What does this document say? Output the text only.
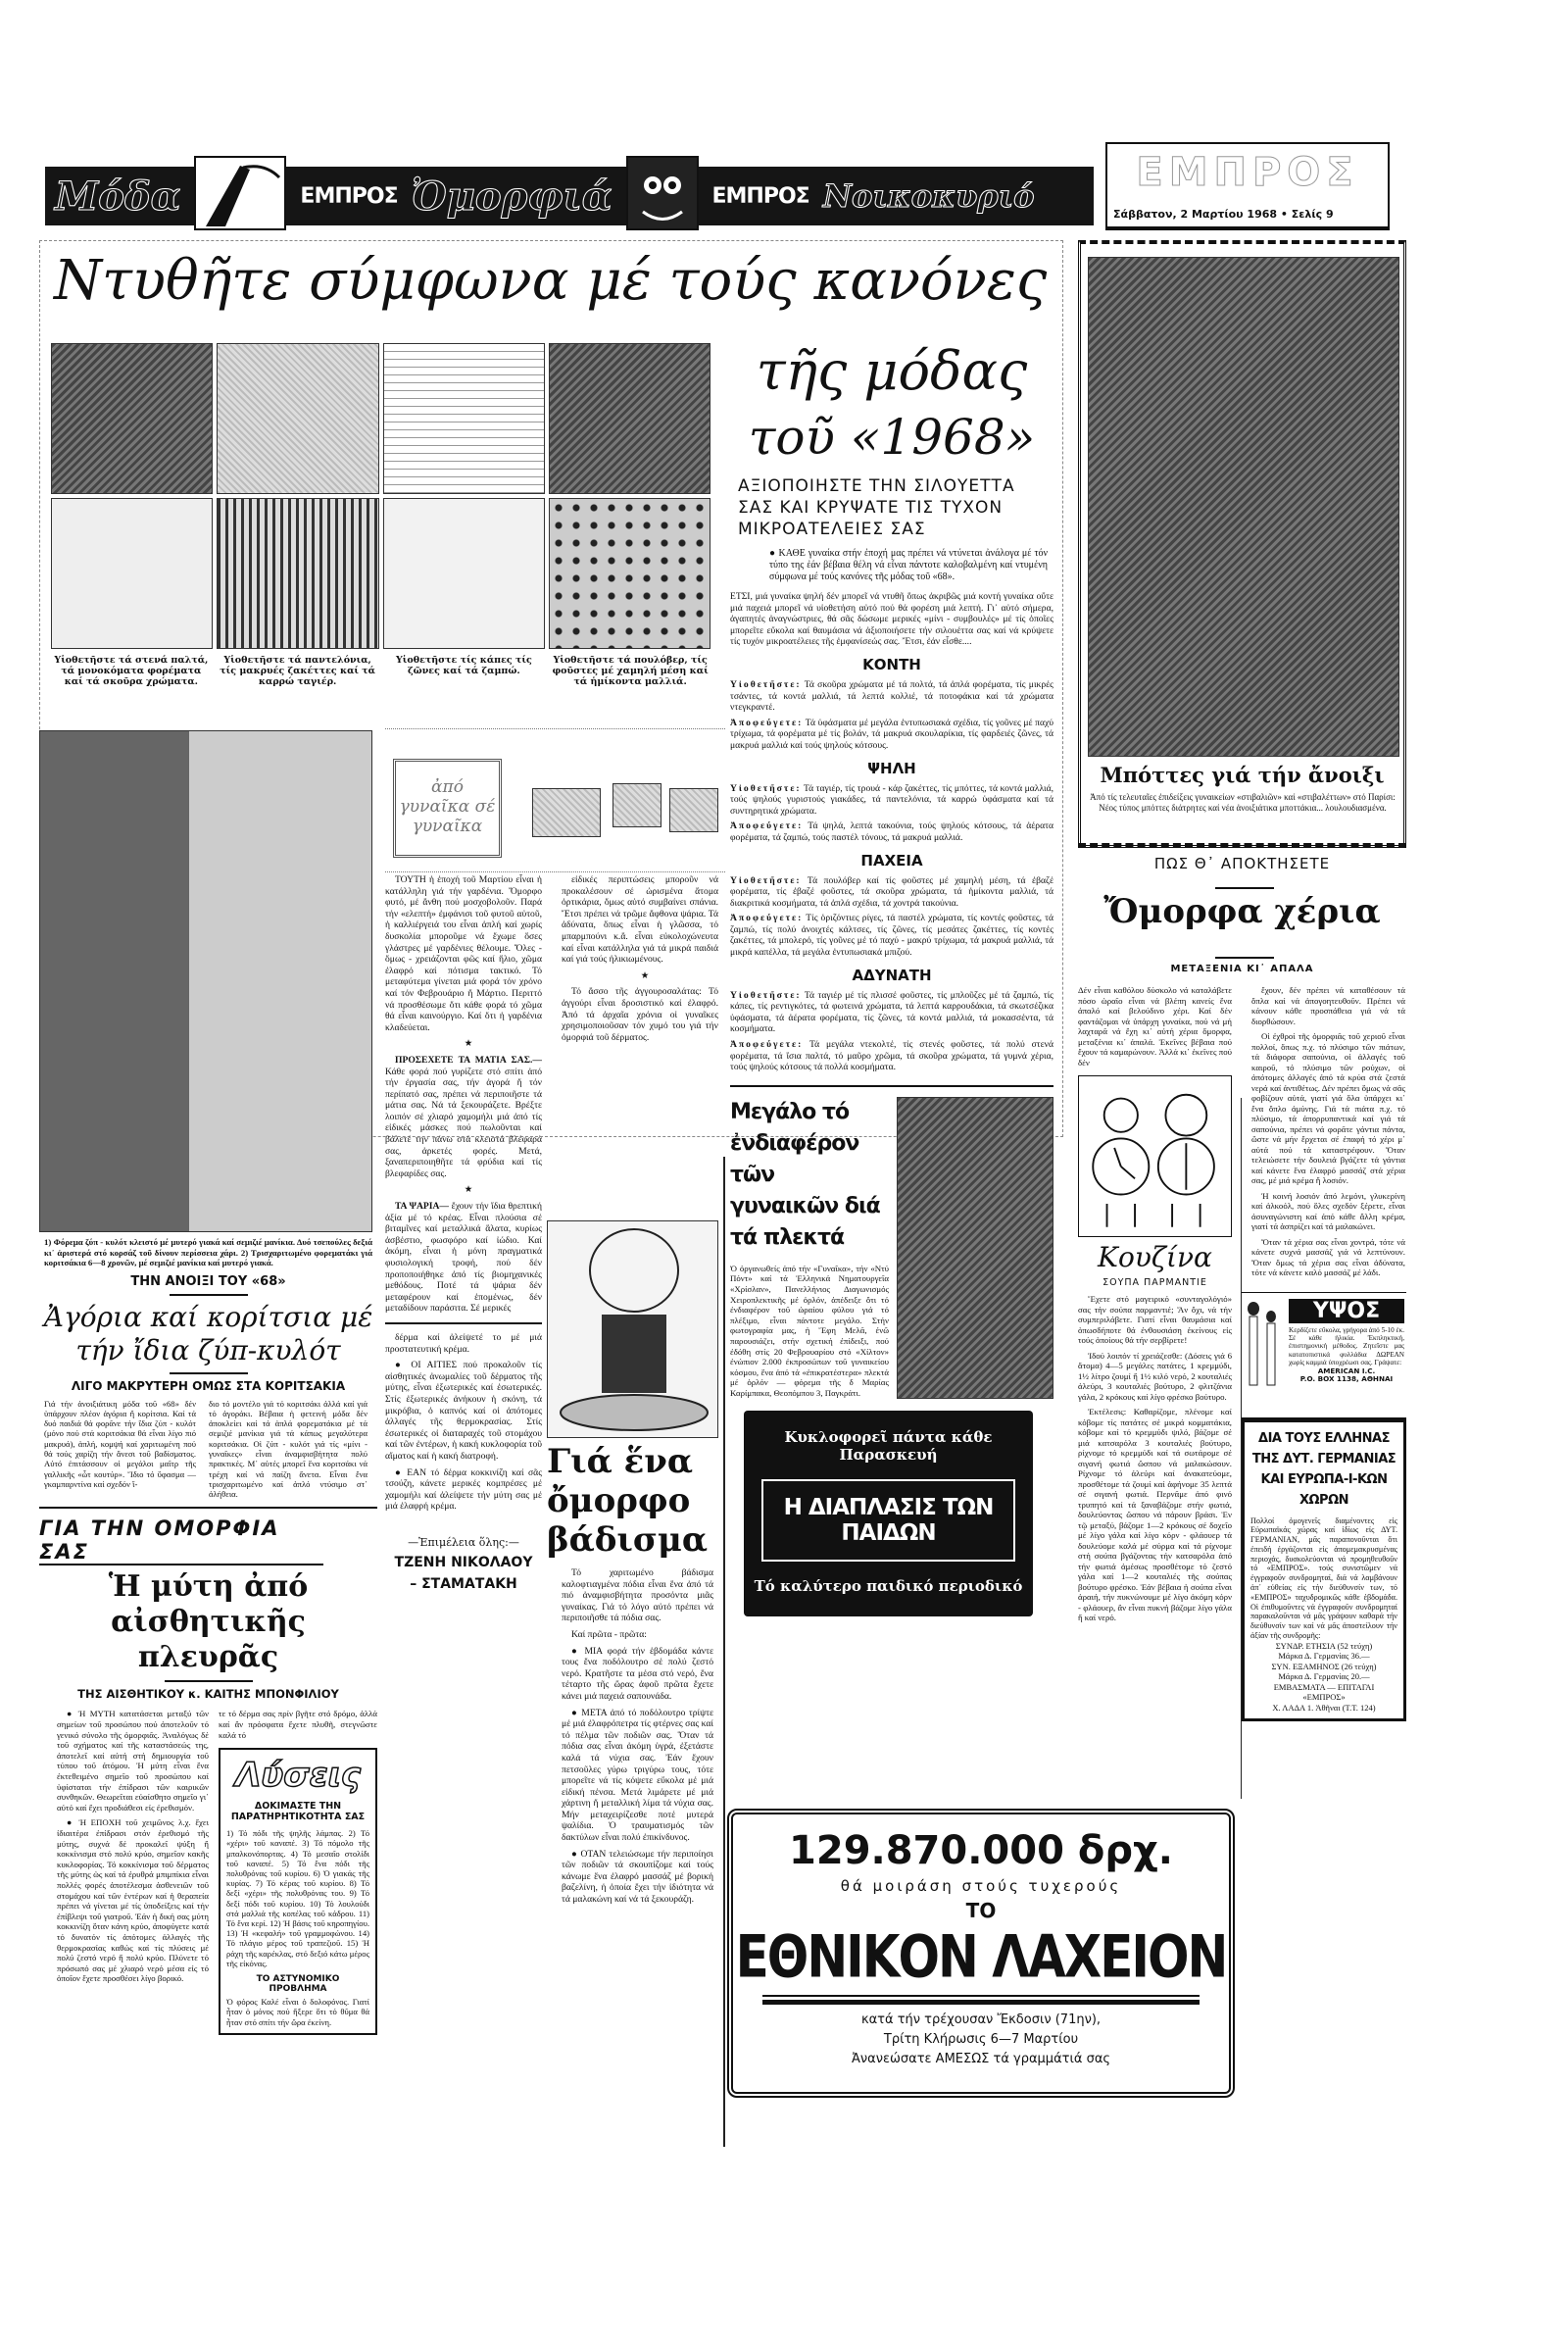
Μόδα	ΕΜΠΡΟΣ Ὀμορφιά	ΕΜΠΡΟΣ Νοικοκυριό
ΕΜΠΡΟΣ
Σάββατον, 2 Μαρτίου 1968 • Σελίς 9
Ντυθῆτε σύμφωνα μέ τούς κανόνες
Υἱοθετῆστε τά στενά παλτά, τά μονοκόματα φορέματα καί τά σκοῦρα χρώματα.
Υἱοθετῆστε τά παντελόνια, τίς μακρυές ζακέττες καί τά καρρώ ταγιέρ.
Υἱοθετῆστε τίς κάπες τίς ζῶνες καί τά ζαμπώ.
Υἱοθετῆστε τά πουλόβερ, τίς φοῦστες μέ χαμηλή μέση καί τά ἡμίκοντα μαλλιά.
τῆς μόδας
τοῦ «1968»
ΑΞΙΟΠΟΙΗΣΤΕ ΤΗΝ ΣΙΛΟΥΕΤΤΑ ΣΑΣ ΚΑΙ ΚΡΥΨΑΤΕ ΤΙΣ ΤΥΧΟΝ ΜΙΚΡΟΑΤΕΛΕΙΕΣ ΣΑΣ
● ΚΑΘΕ γυναίκα στήν ἐποχή μας πρέπει νά ντύνεται ἀνάλογα μέ τόν τύπο της ἐάν βέβαια θέλη νά εἶναι πάντοτε καλοβαλμένη καί ντυμένη σύμφωνα μέ τούς κανόνες τῆς μόδας τοῦ «68».
ΕΤΣΙ, μιά γυναίκα ψηλή δέν μπορεῖ νά ντυθῆ ὅπως ἀκριβῶς μιά κοντή γυναίκα οὔτε μιά παχειά μπορεῖ νά υἱοθετήση αὐτό πού θά φορέση μιά λεπτή. Γι᾿ αὐτό σήμερα, ἀγαπητές ἀναγνώστριες, θά σᾶς δώσωμε μερικές «μίνι - συμβουλές» μέ τίς ὁποῖες μπορεῖτε εὔκολα καί θαυμάσια νά ἀξιοποιήσετε τήν σιλουέττα σας καί νά κρύψετε τίς τυχόν μικροατέλειες τῆς ἐμφανίσεώς σας. Ἔτσι, ἐάν εἶσθε....
ΚΟΝΤΗ
Υἱοθετῆστε: Τά σκοῦρα χρώματα μέ τά πολτά, τά ἁπλά φορέματα, τίς μικρές τσάντες, τά κοντά μαλλιά, τά λεπτά κολλιέ, τά ποτοφάκια καί τά χρώματα ντεγκραντέ.
Ἀποφεύγετε: Τά ὑφάσματα μέ μεγάλα ἐντυπωσιακά σχέδια, τίς γοῦνες μέ παχύ τρίχωμα, τά φορέματα μέ τίς βολάν, τά μακρυά σκουλαρίκια, τίς φαρδειές ζῶνες, τά μακρυά μαλλιά καί τούς ψηλούς κότσους.
ΨΗΛΗ
Υἱοθετῆστε: Τά ταγιέρ, τίς τρουά - κάρ ζακέττες, τίς μπόττες, τά κοντά μαλλιά, τούς ψηλούς γυριστούς γιακάδες, τά παντελόνια, τά καρρώ ὑφάσματα καί τά συντηρητικά χρώματα.
Ἀποφεύγετε: Τά ψηλά, λεπτά τακούνια, τούς ψηλούς κότσους, τά ἀέρατα φορέματα, τά ζαμπώ, τούς παστέλ τόνους, τά μακρυά μαλλιά.
ΠΑΧΕΙΑ
Υἱοθετῆστε: Τά πουλόβερ καί τίς φοῦστες μέ χαμηλή μέση, τά ἐβαζέ φορέματα, τίς ἐβαζέ φοῦστες, τά σκοῦρα χρώματα, τά ἡμίκοντα μαλλιά, τά διακριτικά κοσμήματα, τά ἁπλά σχέδια, τά χοντρά τακούνια.
Ἀποφεύγετε: Τίς ὁριζόντιες ρίγες, τά παστέλ χρώματα, τίς κοντές φοῦστες, τά ζαμπώ, τίς πολύ ἀνοιχτές κάλτσες, τίς ζῶνες, τίς μεσάτες ζακέττες, τίς κοντές ζακέττες, τά μπολερό, τίς γοῦνες μέ τό παχύ - μακρύ τρίχωμα, τά μακρυά μαλλιά, τά μικρά καπέλλα, τά μεγάλα ἐντυπωσιακά μπιζού.
ΑΔΥΝΑΤΗ
Υἱοθετῆστε: Τά ταγιέρ μέ τίς πλισσέ φοῦστες, τίς μπλοῦζες μέ τά ζαμπώ, τίς κάπες, τίς ρεντιγκότες, τά φωτεινά χρώματα, τά λεπτά καρρουδάκια, τά σκωτσέζικα ὑφάσματα, τά ἀέρατα φορέματα, τίς ζῶνες, τά κοντά μαλλιά, τά μοκασσέντα, τά κοσμήματα.
Ἀποφεύγετε: Τά μεγάλα ντεκολτέ, τίς στενές φοῦστες, τά πολύ στενά φορέματα, τά ἴσια παλτά, τό μαῦρο χρῶμα, τά σκοῦρα χρώματα, τά γυμνά χέρια, τούς ψηλούς κότσους τά πολλά κοσμήματα.
Μεγάλο τό ἐνδιαφέρον τῶν γυναικῶν διά τά πλεκτά
Ὁ ὀργανωθείς ἀπό τήν «Γυναῖκα», τήν «Ντύ Πόντ» καί τά Ἑλληνικά Νηματουργεῖα «Χρίσλαν», Πανελλήνιος Διαγωνισμός Χειροπλεκτικῆς μέ ὀρλόν, ἀπέδειξε ὅτι τό ἐνδιαφέρον τοῦ ὡραίου φύλου γιά τό πλέξιμο, εἶναι πάντοτε μεγάλο. Στήν φωτογραφία μας, ἡ Ἔφη Μελᾶ, ἐνῶ παρουσιάζει, στήν σχετική ἐπίδειξι, πού ἐδόθη στίς 20 Φεβρουαρίου στό «Χίλτον» ἐνώπιον 2.000 ἐκπροσώπων τοῦ γυναικείου κόσμου, ἕνα ἀπό τά «ἐπικρατέστερα» πλεκτά μέ ὀρλόν — φόρεμα τῆς δ Μαρίας Καρίμπακα, Θεοπόμπου 3, Παγκράτι.
Κυκλοφορεῖ πάντα κάθε Παρασκευή
Η ΔΙΑΠΛΑΣΙΣ ΤΩΝ ΠΑΙΔΩΝ
Τό καλύτερο παιδικό περιοδικό
Μπόττες γιά τήν ἄνοιξι
Ἀπό τίς τελευταῖες ἐπιδείξεις γυναικείων «στιβαλιῶν» καί «στιβαλέττων» στό Παρίσι: Νέος τύπος μπόττες διάτρητες καί νέα ἀνοιξιάτικα μποττάκια... λουλουδιασμένα.
1) Φόρεμα ζύπ - κυλότ κλειστό μέ μυτερό γιακά καί σεμιζιέ μανίκια. Δυό τσεπούλες δεξιά κι᾿ ἀριστερά στό κορσάζ τοῦ δίνουν περίσσεια χάρι. 2) Τρισχαριτωμένο φορεματάκι γιά κοριτσάκια 6—8 χρονῶν, μέ σεμιζιέ μανίκια καί μυτερό γιακά.
ΤΗΝ ΑΝΟΙΞΙ ΤΟΥ «68»
Ἀγόρια καί κορίτσια μέ τήν ἴδια ζύπ-κυλότ
ΛΙΓΟ ΜΑΚΡΥΤΕΡΗ ΟΜΩΣ ΣΤΑ ΚΟΡΙΤΣΑΚΙΑ
Γιά τήν ἀνοιξιάτικη μόδα τοῦ «68» δέν ὑπάρχουν πλέον ἀγόρια ἤ κορίτσια. Καί τά δυό παιδιά θά φορᾶνε τήν ἴδια ζύπ - κυλότ (μόνο πού στά κοριτσάκια θά εἶναι λίγο πιό μακρυά), ἁπλή, κομψή καί χαριτωμένη πού θά τούς χαρίζη τήν ἄνεσι τοῦ βαδίσματος. Αὐτό ἐπιτάσσουν οἱ μεγάλοι μαῖτρ τῆς γαλλικῆς «ὧτ κουτύρ». Ἴδιο τό ὕφασμα — γκαμπαρντίνα καί σχεδόν ἴ-
διο τό μοντέλο γιά τό κοριτσάκι ἀλλά καί γιά τό ἀγοράκι. Βέβαια ἡ φετεινή μόδα δέν ἀποκλείει καί τά ἁπλά φορεματάκια μέ τά σεμιζιέ μανίκια γιά τά κάπως μεγαλύτερα κοριτσάκια. Οἱ ζύπ - κυλότ γιά τίς «μίνι - γυναῖκες» εἶναι ἀναμφισβήτητα πολύ πρακτικές. Μ᾿ αὐτές μπορεῖ ἕνα κοριτσάκι νά τρέχη καί νά παίζη ἄνετα. Εἶναι ἕνα τρισχαριτωμένο καί ἁπλό ντύσιμο στ᾿ ἀλήθεια.
ΓΙΑ ΤΗΝ ΟΜΟΡΦΙΑ ΣΑΣ
Ἡ μύτη ἀπό αἰσθητικῆς πλευρᾶς
ΤΗΣ ΑΙΣΘΗΤΙΚΟΥ κ. ΚΑΙΤΗΣ ΜΠΟΝΦΙΛΙΟΥ

● Ἡ ΜΥΤΗ κατατάσεται μεταξύ τῶν σημείων τοῦ προσώπου πού ἀποτελοῦν τό γενικό σύνολο τῆς ὀμορφιᾶς. Ἀναλόγως δέ τοῦ σχήματος καί τῆς καταστάσεώς της, ἀποτελεῖ καί αὐτή στή δημιουργία τοῦ τύπου τοῦ ἀτόμου. Ἡ μύτη εἶναι ἕνα ἐκτεθειμένο σημεῖο τοῦ προσώπου καί ὑφίσταται τήν ἐπίδρασι τῶν καιρικῶν συνθηκῶν. Θεωρεῖται εὐαίσθητο σημεῖο γι᾿ αὐτό καί ἔχει προδιάθεσι εἰς ἐρεθισμόν.

● Ἡ ΕΠΟΧΗ τοῦ χειμῶνος λ.χ. ἔχει ἰδιαιτέρα ἐπίδρασι στόν ἐρεθισμό τῆς μύτης, συχνά δέ προκαλεῖ ψύξη ἤ κοκκίνισμα στό πολύ κρύο, σημεῖον κακῆς κυκλοφορίας. Τό κοκκίνισμα τοῦ δέρματος τῆς μύτης ὡς καί τά ἐρυθρά μπιμπίκια εἶναι πολλές φορές ἀποτέλεσμα ἀσθενειῶν τοῦ στομάχου καί τῶν ἐντέρων καί ἡ θεραπεία πρέπει νά γίνεται μέ τίς ὑποδείξεις καί τήν ἐπίβλεψι τοῦ γιατροῦ. Ἐάν ἡ δική σας μύτη κοκκινίζη ὅταν κάνη κρύο, ἀποφύγετε κατά τό δυνατόν τίς ἀπότομες ἀλλαγές τῆς θερμοκρασίας καθώς καί τίς πλύσεις μέ πολύ ζεστό νερό ἤ πολύ κρύο. Πλύνετε τό πρόσωπό σας μέ χλιαρό νερό μέσα εἰς τό ὁποῖον ἔχετε προσθέσει λίγο βορικό.

τε τό δέρμα σας πρίν βγῆτε στό δρόμο, ἀλλά καί ἄν πρόσφατα ἔχετε πλυθῆ, στεγνῶστε καλά τό
Λύσεις
ΔΟΚΙΜΑΣΤΕ ΤΗΝ ΠΑΡΑΤΗΡΗΤΙΚΟΤΗΤΑ ΣΑΣ
1) Τό πόδι τῆς ψηλῆς λάμπας. 2) Τό «χέρι» τοῦ καναπέ. 3) Τό πόμολο τῆς μπαλκονόπορτας. 4) Τό μεσαῖο στολίδι τοῦ καναπέ. 5) Τό ἕνα πόδι τῆς πολυθρόνας τοῦ κυρίου. 6) Ὁ γιακάς τῆς κυρίας. 7) Τό κέρας τοῦ κυρίου. 8) Τό δεξί «χέρι» τῆς πολυθρόνας του. 9) Τό δεξί πόδι τοῦ κυρίου. 10) Τό λουλούδι στά μαλλιά τῆς κοπέλας τοῦ κάδρου. 11) Τό ἕνα κερί. 12) Ἡ βάσις τοῦ κηροπηγίου. 13) Ἡ «κεφαλή» τοῦ γραμμοφώνου. 14) Τό πλάγιο μέρος τοῦ τραπεζιοῦ. 15) Ἡ ράχη τῆς καρέκλας, στό δεξιό κάτω μέρος τῆς εἰκόνας.
ΤΟ ΑΣΤΥΝΟΜΙΚΟ ΠΡΟΒΛΗΜΑ
Ὁ φόρος Καλέ εἶναι ὁ δολοφόνος. Γιατί ἦταν ὁ μόνος πού ἤξερε ὅτι τό θῦμα θά ἦταν στό σπίτι τήν ὥρα ἐκείνη.
ἀπό γυναῖκα σέ γυναῖκα

ΤΟΥΤΗ ἡ ἐποχή τοῦ Μαρτίου εἶναι ἡ κατάλληλη γιά τήν γαρδένια. Ὄμορφο φυτό, μέ ἄνθη πού μοσχοβολοῦν. Παρά τήν «ελεπτή» ἐμφάνισι τοῦ φυτοῦ αὐτοῦ, ἡ καλλιέργειά του εἶναι ἁπλή καί χωρίς δυσκολία μποροῦμε νά ἔχωμε ὅσες γλάστρες μέ γαρδένιες θέλουμε. Ὅλες - ὅμως - χρειάζονται φῶς καί ἥλιο, χῶμα ἐλαφρό καί πότισμα τακτικό. Τό μεταφύτεμα γίνεται μιά φορά τόν χρόνο καί τόν Φεβρουάριο ἤ Μάρτιο. Περιττό νά προσθέσωμε ὅτι κάθε φορά τό χῶμα θά εἶναι καινούργιο. Καί ὅτι ἡ γαρδένια κλαδεύεται.

★

ΠΡΟΣΕΧΕΤΕ ΤΑ ΜΑΤΙΑ ΣΑΣ.— Κάθε φορά πού γυρίζετε στό σπίτι ἀπό τήν ἐργασία σας, τήν ἀγορά ἤ τόν περίπατό σας, πρέπει νά περιποιῆστε τά μάτια σας. Νά τά ξεκουράζετε. Βρέξτε λοιπόν σέ χλιαρό χαμομήλι μιά ἀπό τίς εἰδικές μάσκες πού πωλοῦνται καί βάλετέ την πάνω στά κλειστά βλέφαρά σας, ἀρκετές φορές. Μετά, ξαναπεριποιηθῆτε τά φρύδια καί τίς βλεφαρίδες σας.

★

ΤΑ ΨΑΡΙΑ— ἔχουν τήν ἴδια θρεπτική ἀξία μέ τό κρέας. Εἶναι πλούσια σέ βιταμῖνες καί μεταλλικά ἅλατα, κυρίως ἀσβέστιο, φωσφόρο καί ἰώδιο. Καί ἀκόμη, εἶναι ἡ μόνη πραγματικά φυσιολογική τροφή, πού δέν προποποιήθηκε ἀπό τίς βιομηχανικές μεθόδους. Ποτέ τά ψάρια δέν μεταφέρουν καί ἑπομένως, δέν μεταδίδουν παράσιτα. Σέ μερικές

δέρμα καί ἀλείψετέ το μέ μιά προστατευτική κρέμα.

● ΟΙ ΑΙΤΙΕΣ πού προκαλοῦν τίς αἰσθητικές ἀνωμαλίες τοῦ δέρματος τῆς μύτης, εἶναι ἐξωτερικές καί ἐσωτερικές. Στίς ἐξωτερικές ἀνήκουν ἡ σκόνη, τά μικρόβια, ὁ καπνός καί οἱ ἀπότομες ἀλλαγές τῆς θερμοκρασίας. Στίς ἐσωτερικές οἱ διαταραχές τοῦ στομάχου καί τῶν ἐντέρων, ἡ κακή κυκλοφορία τοῦ αἵματος καί ἡ κακή διατροφή.

● ΕΑΝ τό δέρμα κοκκινίζη καί σᾶς τσούζη, κάνετε μερικές κομπρέσες μέ χαμομήλι καί ἀλείψετε τήν μύτη σας μέ μιά ἐλαφρή κρέμα.

—Ἐπιμέλεια ὅλης:—
ΤΖΕΝΗ ΝΙΚΟΛΑΟΥ
– ΣΤΑΜΑΤΑΚΗ

εἰδικές περιπτώσεις μποροῦν νά προκαλέσουν σέ ὡρισμένα ἄτομα ὀρτικάρια, ὅμως αὐτό συμβαίνει σπάνια. Ἔτσι πρέπει νά τρῶμε ἄφθονα ψάρια. Τά ἀδύνατα, ὅπως εἶναι ἡ γλῶσσα, τό μπαρμπούνι κ.ἄ. εἶναι εὐκολοχώνευτα καί εἶναι κατάλληλα γιά τά μικρά παιδιά καί γιά τούς ἡλικιωμένους.

★

Τό ἄσσο τῆς ἀγγουροσαλάτας: Τό ἀγγούρι εἶναι δροσιστικό καί ἐλαφρό. Ἀπό τά ἀρχαῖα χρόνια οἱ γυναῖκες χρησιμοποιοῦσαν τόν χυμό του γιά τήν ὀμορφιά τοῦ δέρματος.

Γιά ἕνα ὄμορφο βάδισμα

Τό χαριτωμένο βάδισμα καλοφτιαγμένα πόδια εἶναι ἕνα ἀπό τά πιό ἀναμφισβήτητα προσόντα μιᾶς γυναίκας. Γιά τό λόγο αὐτό πρέπει νά περιποιῆσθε τά πόδια σας.

Καί πρῶτα - πρῶτα:

● ΜΙΑ φορά τήν ἑβδομάδα κάντε τους ἕνα ποδόλουτρο σέ πολύ ζεστό νερό. Κρατῆστε τα μέσα στό νερό, ἕνα τέταρτο τῆς ὥρας ἀφοῦ πρῶτα ἔχετε κάνει μιά παχειά σαπουνάδα.

● ΜΕΤΑ ἀπό τό ποδόλουτρο τρίψτε μέ μιά ἐλαφρόπετρα τίς φτέρνες σας καί τό πέλμα τῶν ποδιῶν σας. Ὅταν τά πόδια σας εἶναι ἀκόμη ὑγρά, ἐξετάστε καλά τά νύχια σας. Ἐάν ἔχουν πετσοῦλες γύρω τριγύρω τους, τότε μπορεῖτε νά τίς κόψετε εὔκολα μέ μιά εἰδική πένσα. Μετά λιμάρετε μέ μιά χάρτινη ἤ μεταλλική λίμα τά νύχια σας. Μήν μεταχειρίζεσθε ποτέ μυτερά ψαλίδια. Ὁ τραυματισμός τῶν δακτύλων εἶναι πολύ ἐπικίνδυνος.

● ΟΤΑΝ τελειώσωμε τήν περιποίησι τῶν ποδιῶν τά σκουπίζομε καί τούς κάνωμε ἕνα ἐλαφρό μασσάζ μέ βορική βαζελίνη, ἡ ὁποία ἔχει τήν ἰδιότητα νά τά μαλακώνη καί νά τά ξεκουράζη.

129.870.000 δρχ.
θά μοιράση στούς τυχερούς
ΤΟ
ΕΘΝΙΚΟΝ ΛΑΧΕΙΟΝ
κατά τήν τρέχουσαν Ἔκδοσιν (71ην),
Τρίτη Κλήρωσις 6—7 Μαρτίου
Ἀνανεώσατε ΑΜΕΣΩΣ τά γραμμάτιά σας
ΠΩΣ Θ᾿ ΑΠΟΚΤΗΣΕΤΕ
Ὄμορφα χέρια
ΜΕΤΑΞΕΝΙΑ ΚΙ᾿ ΑΠΑΛΑ
Δέν εἶναι καθόλου δύσκολο νά καταλάβετε πόσο ὡραῖο εἶναι νά βλέπη κανείς ἕνα ἀπαλό καί βελούδινο χέρι. Καί δέν φαντάζομαι νά ὑπάρχη γυναίκα, πού νά μή λαχταρᾶ νά ἔχη κι᾿ αὐτή χέρια ὄμορφα, μεταξένια κι᾿ ἀπαλά. Ἐκεῖνες βέβαια πού ἔχουν τά καμαρώνουν. Ἀλλά κι᾿ ἐκεῖνες πού δέν
Κουζίνα
ΣΟΥΠΑ ΠΑΡΜΑΝΤΙΕ

Ἔχετε στό μαγειρικό «συνταγολόγιό» σας τήν σούπα παρμαντιέ; Ἄν ὄχι, νά τήν συμπεριλάβετε. Γιατί εἶναι θαυμάσια καί ὁπωσδήποτε θά ἐνθουσιάση ἐκείνους εἰς τούς ὁποίους θά τήν σερβίρετε!

Ἰδού λοιπόν τί χρειάζεσθε: (Δόσεις γιά 6 ἄτομα) 4—5 μεγάλες πατάτες, 1 κρεμμύδι, 1½ λίτρο ζουμί ἤ 1½ κιλό νερό, 2 κουταλιές ἀλεύρι, 3 κουταλιές βούτυρο, 2 φλιτζάνια γάλα, 2 κρόκους καί λίγο φρέσκο βούτυρο.

Ἐκτέλεσις: Καθαρίζομε, πλένομε καί κόβομε τίς πατάτες σέ μικρά κομματάκια, κόβομε καί τό κρεμμύδι ψιλό, βάζομε σέ μιά κατσαρόλα 3 κουταλιές βούτυρο, ρίχνομε τό κρεμμύδι καί τά σωτάρομε σέ σιγανή φωτιά ὥσπου νά μαλακώσουν. Ρίχνομε τό ἀλεύρι καί ἀνακατεύομε, προσθέτομε τά ζουμί καί ἀφήνομε 35 λεπτά σέ σιγανή φωτιά. Περνᾶμε ἀπό φινό τρυπητό καί τά ξαναβάζομε στήν φωτιά, δουλεύοντας ὥσπου νά πάρουν βράσι. Ἐν τῷ μεταξύ, βάζομε 1—2 κρόκους σέ δοχεῖο μέ λίγο γάλα καί λίγο κόρν - φλάουερ τά δουλεύομε καλά μέ σύρμα καί τά ρίχνομε στή σούπα βγάζοντας τήν κατσαρόλα ἀπό τήν φωτιά ἀμέσως προσθέτομε τό ζεστό γάλα καί 1—2 κουταλιές τῆς σούπας βούτυρο φρέσκο. Ἐάν βέβαια ἡ σούπα εἶναι ἀραιή, τήν πυκνώνουμε μέ λίγο ἀκόμη κόρν - φλάουερ, ἄν εἶναι πυκνή βάζομε λίγο γάλα ἤ καί νερό.

ἔχουν, δέν πρέπει νά καταθέσουν τά ὅπλα καί νά ἀπογοητευθοῦν. Πρέπει νά κάνουν κάθε προσπάθεια γιά νά τά διορθώσουν.

Οἱ ἐχθροί τῆς ὀμορφιᾶς τοῦ χεριοῦ εἶναι πολλοί, ὅπως π.χ. τό πλύσιμο τῶν πιάτων, τά διάφορα σαπούνια, οἱ ἀλλαγές τοῦ καιροῦ, τό πλύσιμο τῶν ρούχων, οἱ ἀπότομες ἀλλαγές ἀπό τά κρύα στά ζεστά νερά καί ἀντιθέτως. Δέν πρέπει ὅμως νά σᾶς φοβίζουν αὐτά, γιατί γιά ὅλα ὑπάρχει κι᾿ ἕνα ὅπλο ἀμύνης. Γιά τά πιάτα π.χ. τό πλύσιμο, τά ἀπορρυπαντικά καί γιά τά σαπούνια, πρέπει νά φορᾶτε γάντια πάντα, ὥστε νά μήν ἔρχεται σέ ἐπαφή τό χέρι μ᾿ αὐτά πού τά καταστρέφουν. Ὅταν τελειώσετε τήν δουλειά βγάζετε τά γάντια καί κάνετε ἕνα ἐλαφρό μασσάζ στά χέρια σας, μέ μιά κρέμα ἤ λοσιόν.

Ἡ κοινή λοσιόν ἀπό λεμόνι, γλυκερίνη καί ἀλκοόλ, πού ὅλες σχεδόν ξέρετε, εἶναι ἀσυναγώνιστη καί ἀπό κάθε ἄλλη κρέμα, γιατί τά ἀσπρίζει καί τά μαλακώνει.

Ὅταν τά χέρια σας εἶναι χοντρά, τότε νά κάνετε συχνά μασσάζ γιά νά λεπτύνουν. Ὅταν ὅμως τά χέρια σας εἶναι ἀδύνατα, τότε νά κάνετε καλό μασσάζ μέ λάδι.

ΥΨΟΣ
Κερδίζετε εὔκολα, γρήγορα ἀπό 5-10 ἑκ. Σέ κάθε ἡλικία. Ἐκπληκτική, ἐπιστημονική μέθοδος. Ζητεῖστε μας κατατοπιστικά φυλλάδια ΔΩΡΕΑΝ χωρίς καμμιά ὑποχρέωσι σας. Γράψατε:
AMERICAN I.C.
P.O. BOX 1138, ΑΘΗΝΑΙ
ΔΙΑ ΤΟΥΣ ΕΛΛΗΝΑΣ ΤΗΣ ΔΥΤ. ΓΕΡΜΑΝΙΑΣ ΚΑΙ ΕΥΡΩΠΑ-Ι-ΚΩΝ ΧΩΡΩΝ
Πολλοί ὁμογενεῖς διαμένοντες εἰς Εὐρωπαϊκάς χώρας καί ἰδίως εἰς ΔΥΤ. ΓΕΡΜΑΝΙΑΝ, μᾶς παραπονοῦνται ὅτι ἐπειδή ἐργάζονται εἰς ἀπομεμακρυσμένας περιοχάς, δυσκολεύονται νά προμηθευθοῦν τό «ΕΜΠΡΟΣ». τούς συνιστῶμεν νά ἐγγραφοῦν συνδρομηταί, διά νά λαμβάνουν ἀπ᾿ εὐθείας εἰς τήν διεύθυνσίν των, τό «ΕΜΠΡΟΣ» ταχυδρομικῶς κάθε ἑβδομάδα. Οἱ ἐπιθυμοῦντες νά ἐγγραφοῦν συνδρομηταί παρακαλοῦνται νά μᾶς γράψουν καθαρά τήν διεύθυνσίν των καί νά μᾶς ἀποστείλουν τήν ἀξίαν τῆς συνδρομῆς:
ΣΥΝΔΡ. ΕΤΗΣΙΑ (52 τεύχη)
Μάρκα Δ. Γερμανίας 36.—
ΣΥΝ. ΕΞΑΜΗΝΟΣ (26 τεύχη)
Μάρκα Δ. Γερμανίας 20.—
ΕΜΒΑΣΜΑΤΑ — ΕΠΙΤΑΓΑΙ
«ΕΜΠΡΟΣ»
Χ. ΛΑΔΑ 1. Ἀθῆναι (Τ.Τ. 124)
